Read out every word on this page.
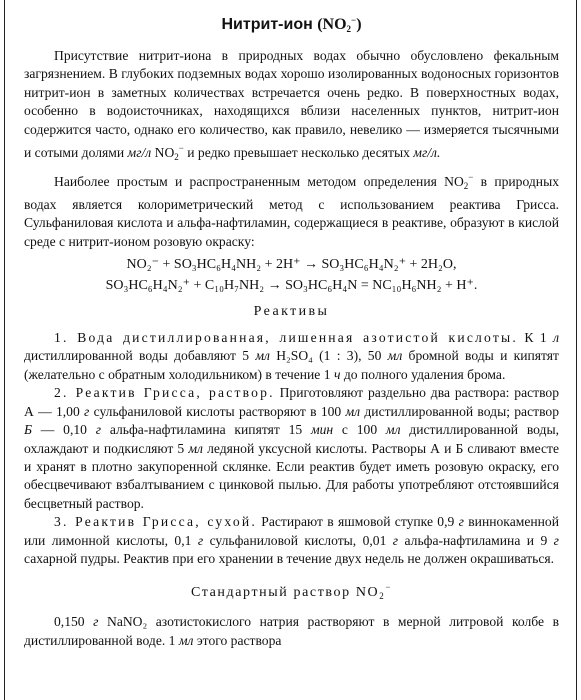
Нитрит-ион $(NO_2^-)$

Присутствие нитрит-иона в природных водах обычно обусловлено фекальным загрязнением. В глубоких подземных водах хорошо изолированных водоносных горизонтов нитрит-ион в заметных количествах встречается очень редко. В поверхностных водах, особенно в водоисточниках, находящихся вблизи населенных пунктов, нитрит-ион содержится часто, однако его количество, как правило, невелико — измеряется тысячными и сотыми долями мг/л $NO_2^-$ и редко превышает несколько десятых мг/л.

Наиболее простым и распространенным методом определения $NO_2^-$ в природных водах является колориметрический метод с использованием реактива Грисса. Сульфаниловая кислота и альфа-нафтиламин, содержащиеся в реактиве, образуют в кислой среде с нитрит-ионом розовую окраску:

NO₂⁻ + SO₃HC₆H₄NH₂ + 2H⁺ → SO₃HC₆H₄N₂⁺ + 2H₂O,
SO₃HC₆H₄N₂⁺ + C₁₀H₇NH₂ → SO₃HC₆H₄N = NC₁₀H₆NH₂ + H⁺.
Реактивы

1. Вода дистиллированная, лишенная азотистой кислоты. К 1 л дистиллированной воды добавляют 5 мл H₂SO₄ (1 : 3), 50 мл бромной воды и кипятят (желательно с обратным холодильником) в течение 1 ч до полного удаления брома.

2. Реактив Грисса, раствор. Приготовляют раздельно два раствора: раствор А — 1,00 г сульфаниловой кислоты растворяют в 100 мл дистиллированной воды; раствор Б — 0,10 г альфа-нафтиламина кипятят 15 мин с 100 мл дистиллированной воды, охлаждают и подкисляют 5 мл ледяной уксусной кислоты. Растворы А и Б сливают вместе и хранят в плотно закупоренной склянке. Если реактив будет иметь розовую окраску, его обесцвечивают взбалтыванием с цинковой пылью. Для работы употребляют отстоявшийся бесцветный раствор.

3. Реактив Грисса, сухой. Растирают в яшмовой ступке 0,9 г виннокаменной или лимонной кислоты, 0,1 г сульфаниловой кислоты, 0,01 г альфа-нафтиламина и 9 г сахарной пудры. Реактив при его хранении в течение двух недель не должен окрашиваться.

Стандартный раствор $NO_2^-$

0,150 г NaNO₂ азотистокислого натрия растворяют в мерной литровой колбе в дистиллированной воде. 1 мл этого раствора
